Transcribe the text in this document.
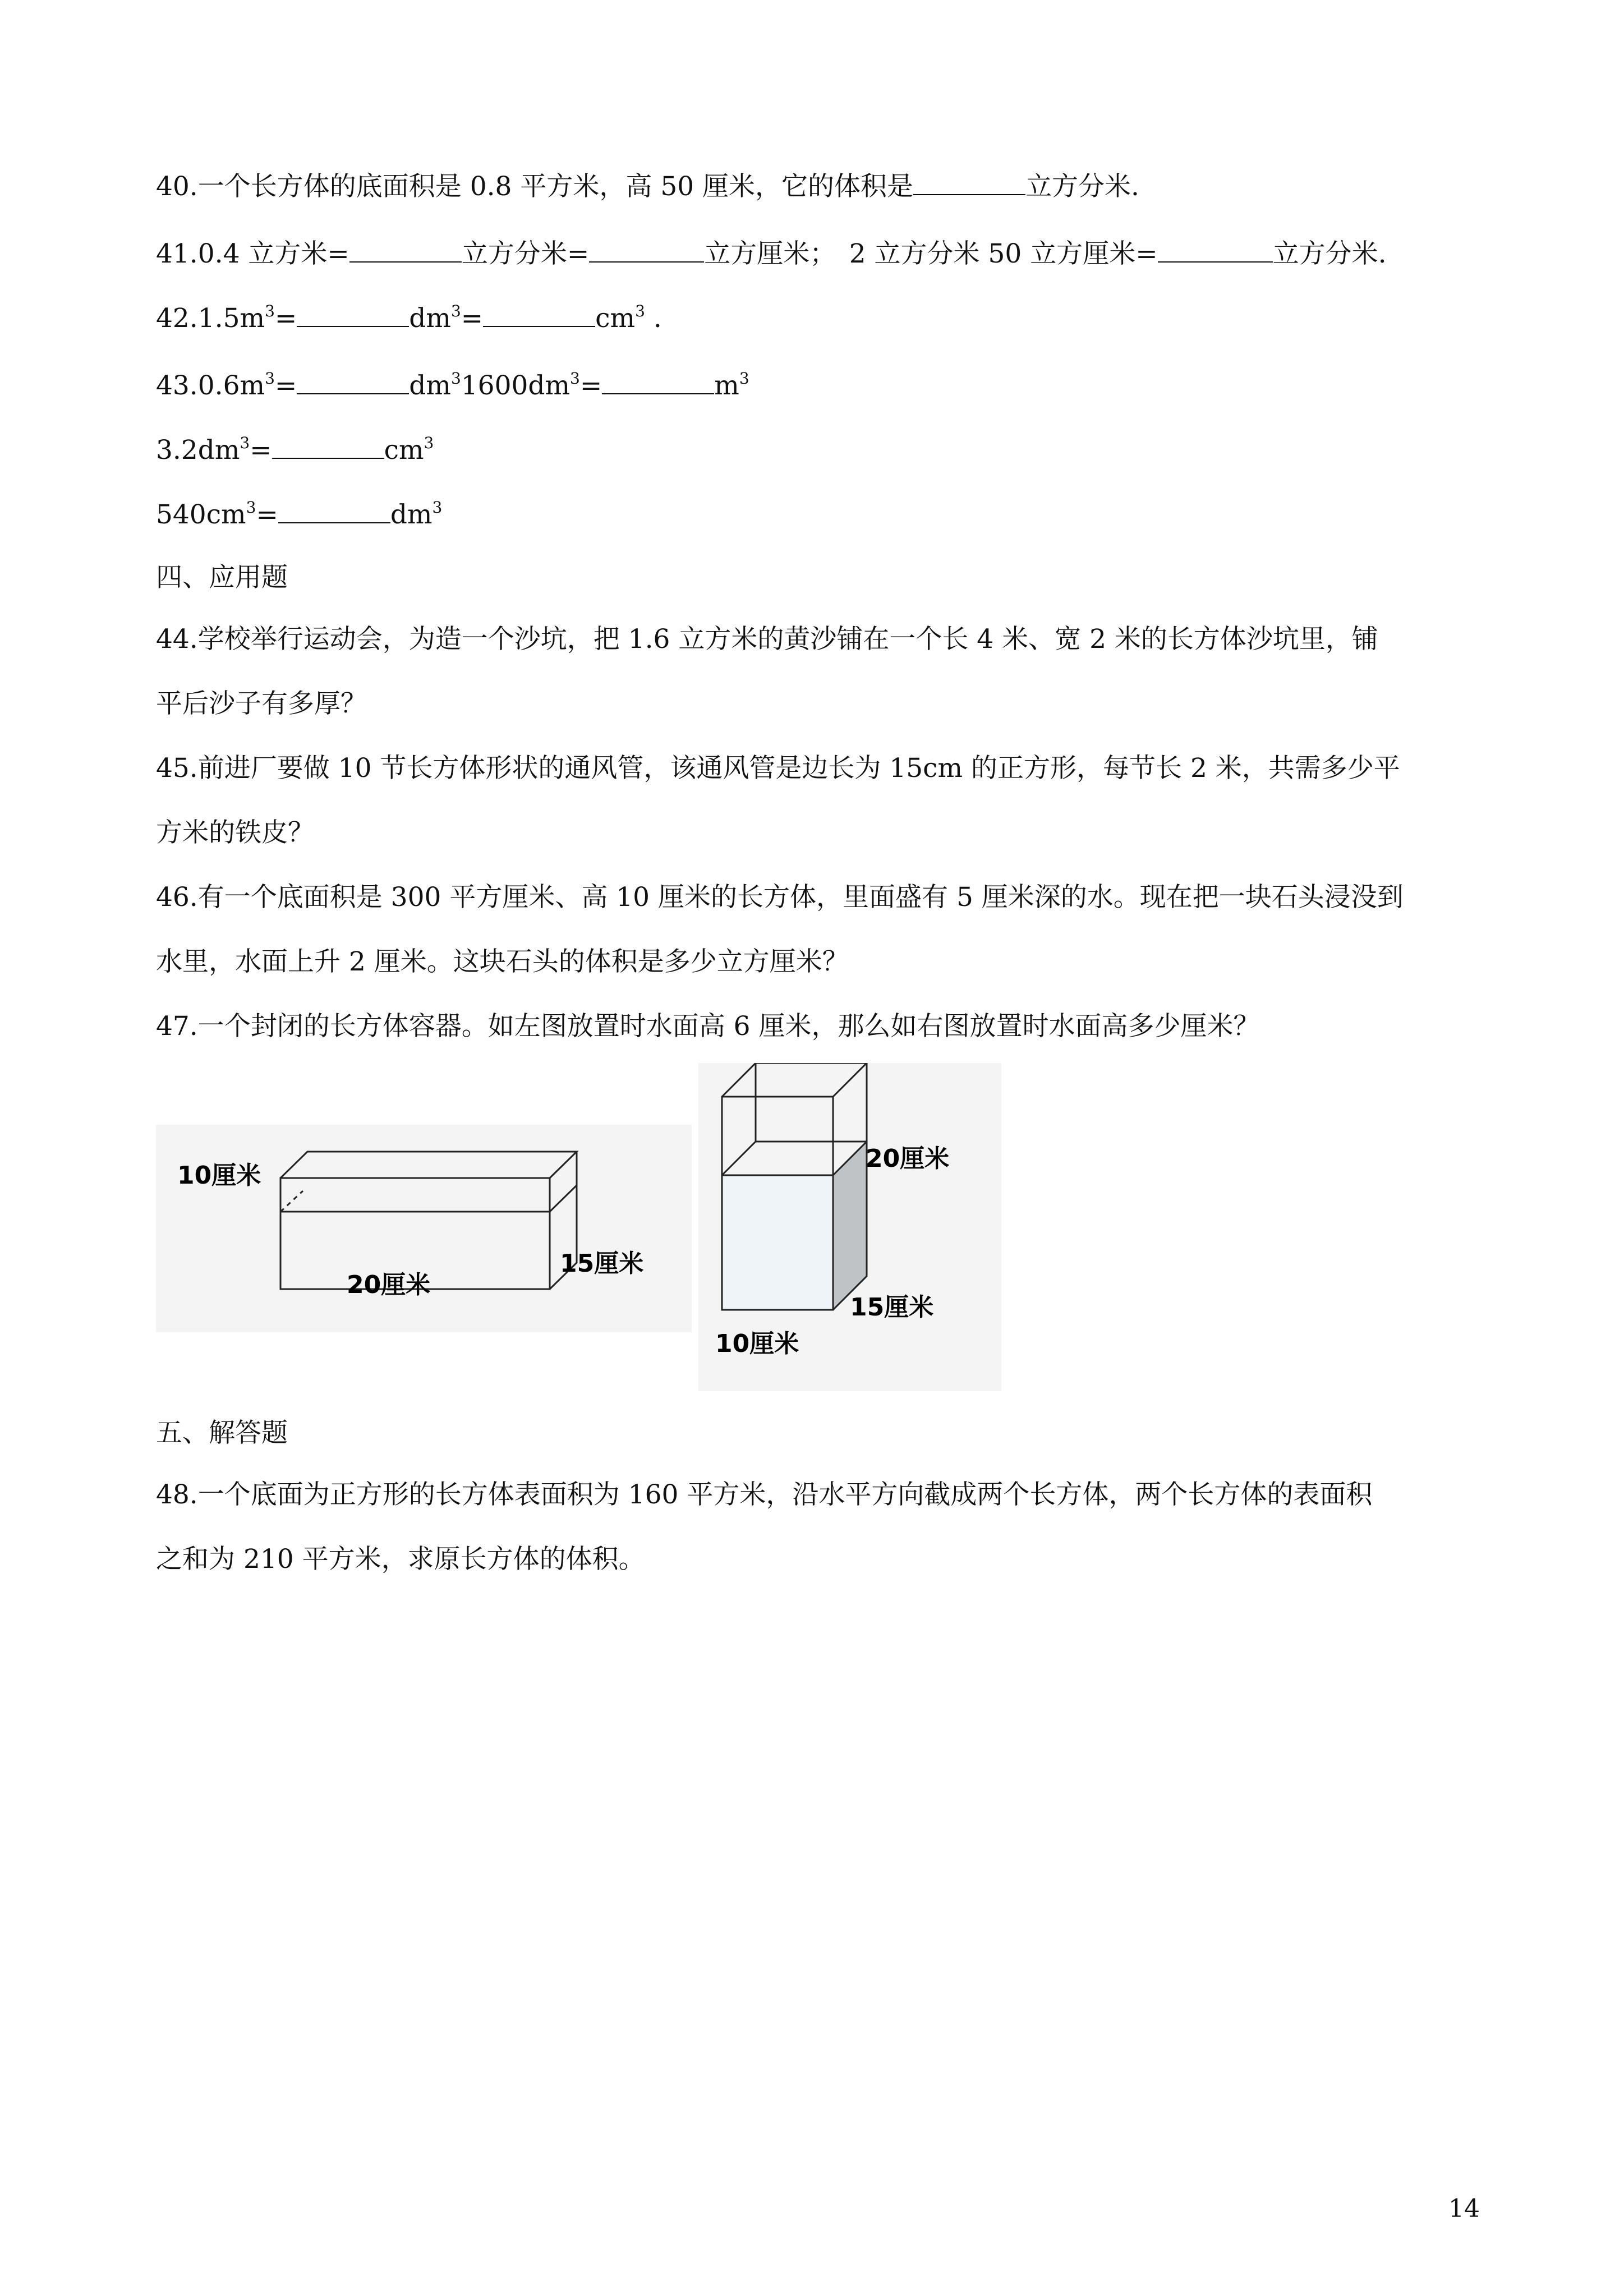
40.一个长方体的底面积是 0.8 平方米，高 50 厘米，它的体积是	立方分米.
41.0.4 立方米=	立方分米=	立方厘米；　2 立方分米 50 立方厘米=	立方分米.
$42.1.5m^3=$	$dm^3=$	$cm^3$ .
$43.0.6m^3=$	$dm^31600dm^3=$	$m^3$
$3.2dm^3=$	$cm^3$
$540cm^3=$	$dm^3$
四、应用题
44.学校举行运动会，为造一个沙坑，把 1.6 立方米的黄沙铺在一个长 4 米、宽 2 米的长方体沙坑里，铺
平后沙子有多厚？
45.前进厂要做 10 节长方体形状的通风管，该通风管是边长为 15cm 的正方形，每节长 2 米，共需多少平
方米的铁皮？
46.有一个底面积是 300 平方厘米、高 10 厘米的长方体，里面盛有 5 厘米深的水。现在把一块石头浸没到
水里，水面上升 2 厘米。这块石头的体积是多少立方厘米？
47.一个封闭的长方体容器。如左图放置时水面高 6 厘米，那么如右图放置时水面高多少厘米？
10厘米
15厘米
20厘米
20厘米
15厘米
10厘米
五、解答题
48.一个底面为正方形的长方体表面积为 160 平方米，沿水平方向截成两个长方体，两个长方体的表面积
之和为 210 平方米，求原长方体的体积。
14
